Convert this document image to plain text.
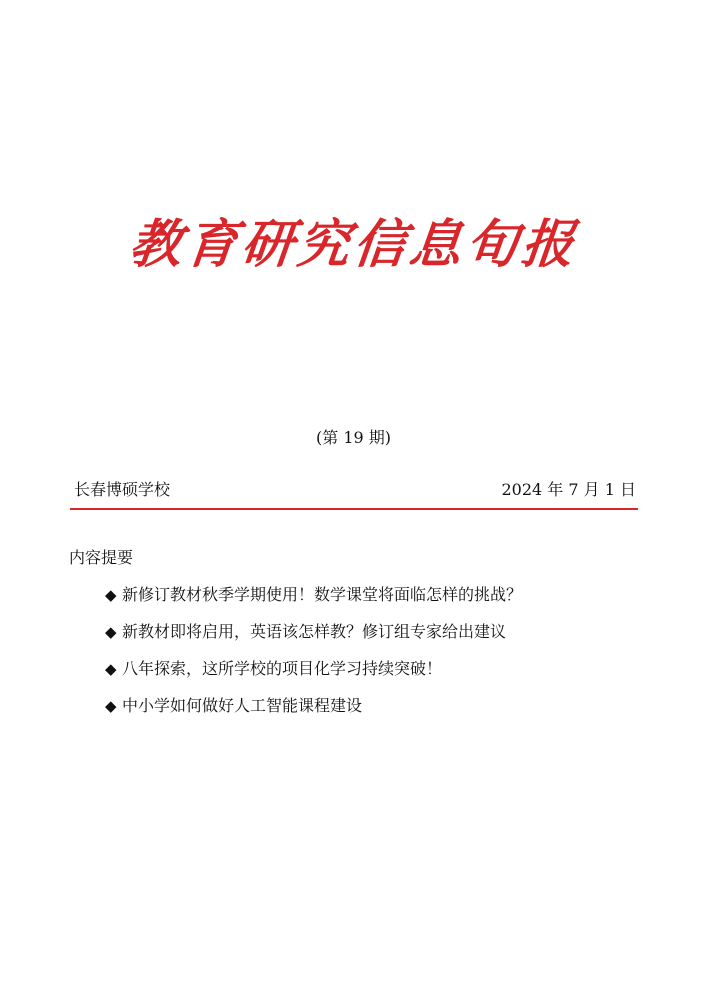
教育研究信息旬报
(第 19 期)
长春博硕学校	2024 年 7 月 1 日
内容提要
◆ 新修订教材秋季学期使用！数学课堂将面临怎样的挑战？
◆ 新教材即将启用，英语该怎样教？修订组专家给出建议
◆ 八年探索，这所学校的项目化学习持续突破！
◆ 中小学如何做好人工智能课程建设
